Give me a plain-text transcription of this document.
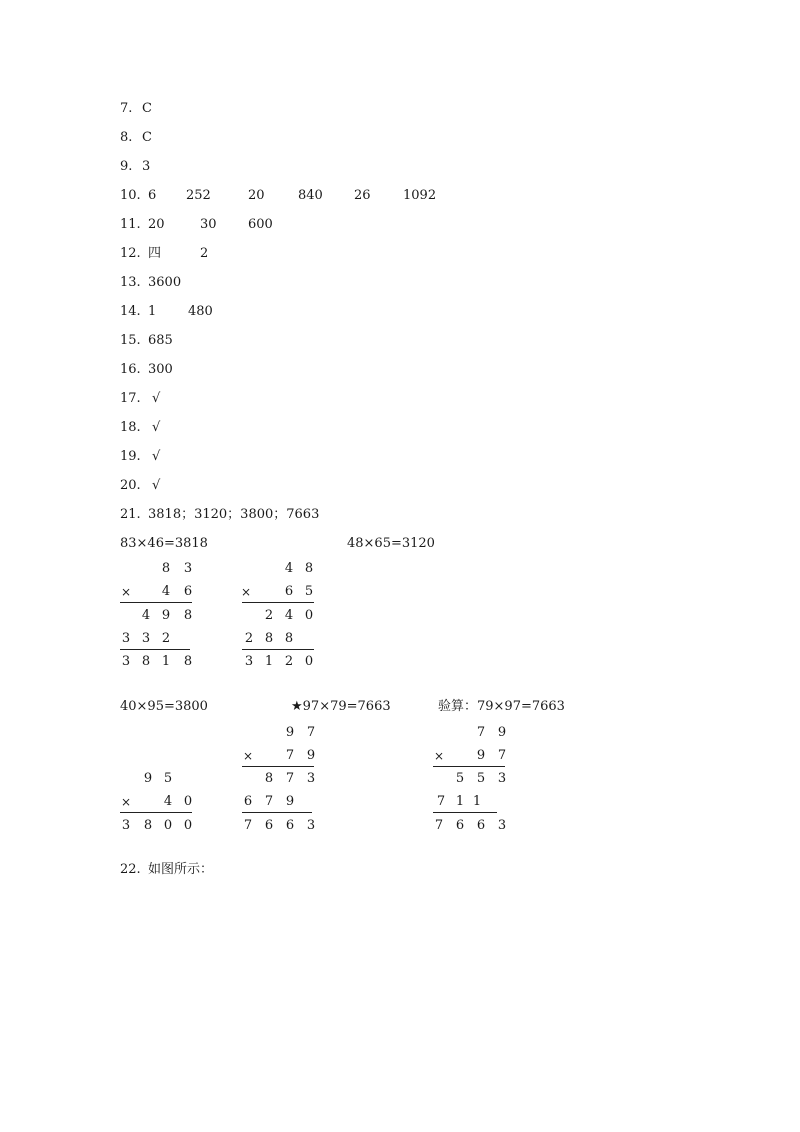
7. C
8. C
9. 3
10. 6 252	20	840 26 1092
11. 20	30 600
12. 四	2
13. 3600
14. 1 480
15. 685
16. 300
17. √
18. √
19. √
20. √
21. 3818；3120；3800；7663
83×46=3818	48×65=3120
8 3
× 4 6
4 9 8
3 3 2
3 8 1 8
4 8
×	6 5
2 4 0
2 8 8
3 1 2 0
40×95=3800	★97×79=7663	验算：79×97=7663
9 5
×	4 0
3 8 0 0
9 7
×	7 9
8 7 3
6 7 9
7 6 6 3
7 9
×	9 7
5 5 3
7 1 1
7 6 6 3
22. 如图所示：
